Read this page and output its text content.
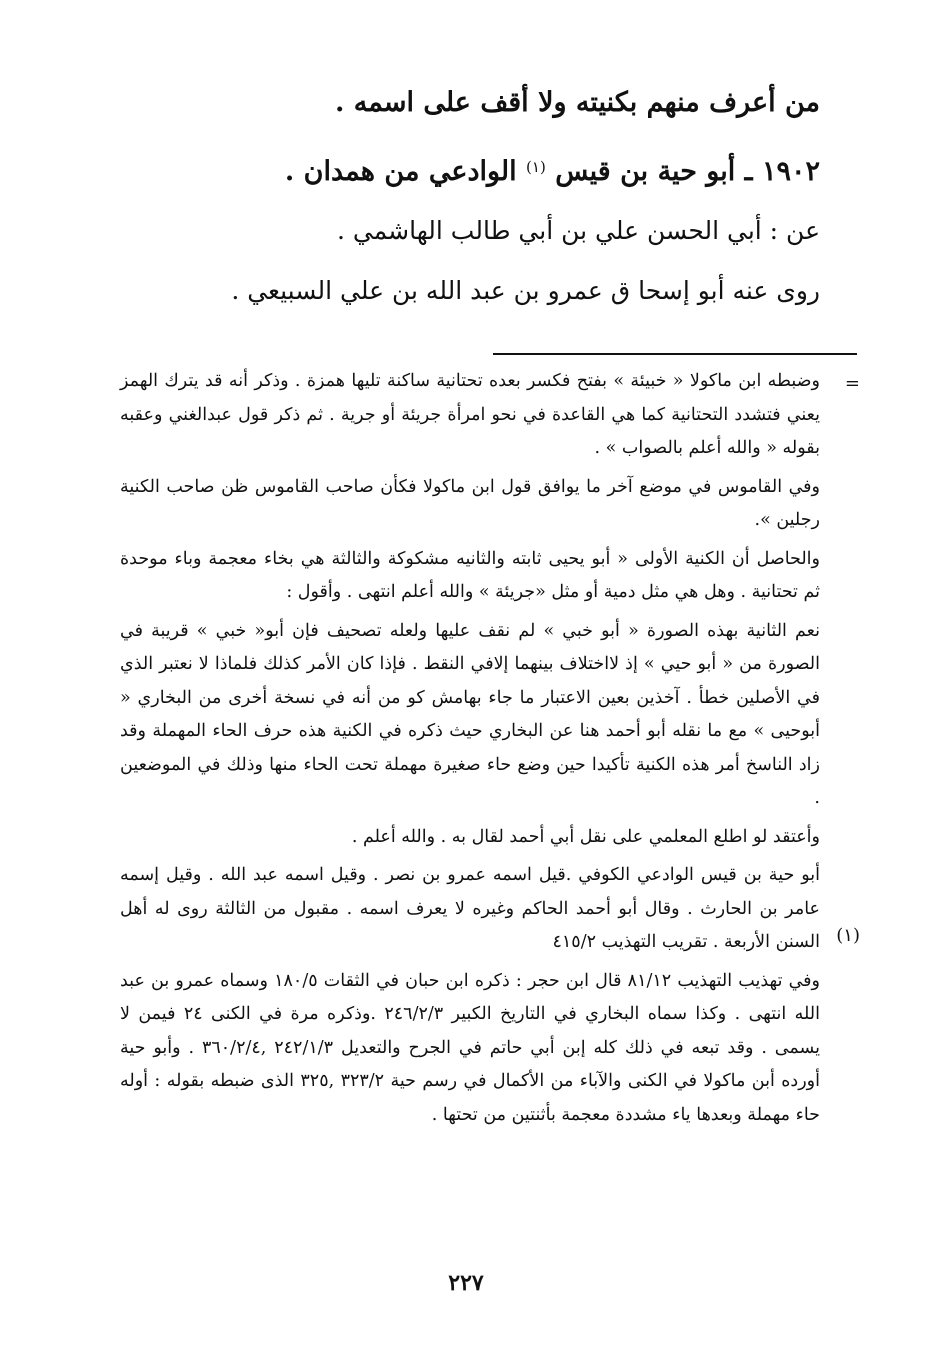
من أعرف منهم بكنيته ولا أقف على اسمه .

١٩٠٢ ـ أبو حية بن قيس $^{(١)}$ الوادعي من همدان .

عن : أبي الحسن علي بن أبي طالب الهاشمي .

روى عنه أبو إسحا ق عمرو بن عبد الله بن علي السبيعي .

=
(١)

وضبطه ابن ماكولا « خبيئة » بفتح فكسر بعده تحتانية ساكنة تليها همزة . وذكر أنه قد يترك الهمز يعني فتشدد التحتانية كما هي القاعدة في نحو امرأة جريئة أو جرية . ثم ذكر قول عبدالغني وعقبه بقوله « والله أعلم بالصواب » .

وفي القاموس في موضع آخر ما يوافق قول ابن ماكولا فكأن صاحب القاموس ظن صاحب الكنية رجلين ».

والحاصل أن الكنية الأولى « أبو يحيى ثابته والثانيه مشكوكة والثالثة هي بخاء معجمة وباء موحدة ثم تحتانية . وهل هي مثل دمية أو مثل «جريئة » والله أعلم انتهى . وأقول :

نعم الثانية بهذه الصورة « أبو خبي » لم نقف عليها ولعله تصحيف فإن أبو« خبي » قريبة في الصورة من « أبو حيي » إذ لااختلاف بينهما إلافي النقط . فإذا كان الأمر كذلك فلماذا لا نعتبر الذي في الأصلين خطأ . آخذين بعين الاعتبار ما جاء بهامش كو من أنه في نسخة أخرى من البخاري « أبوحيى » مع ما نقله أبو أحمد هنا عن البخاري حيث ذكره في الكنية هذه حرف الحاء المهملة وقد زاد الناسخ أمر هذه الكنية تأكيدا حين وضع حاء صغيرة مهملة تحت الحاء منها وذلك في الموضعين .

وأعتقد لو اطلع المعلمي على نقل أبي أحمد لقال به . والله أعلم .

أبو حية بن قيس الوادعي الكوفي .قيل اسمه عمرو بن نصر . وقيل اسمه عبد الله . وقيل إسمه عامر بن الحارث . وقال أبو أحمد الحاكم وغيره لا يعرف اسمه . مقبول من الثالثة روى له أهل السنن الأربعة . تقريب التهذيب ٤١٥/٢

وفي تهذيب التهذيب ٨١/١٢ قال ابن حجر : ذكره ابن حبان في الثقات ١٨٠/٥ وسماه عمرو بن عبد الله انتهى . وكذا سماه البخاري في التاريخ الكبير ٢٤٦/٢/٣ .وذكره مرة في الكنى ٢٤ فيمن لا يسمى . وقد تبعه في ذلك كله إبن أبي حاتم في الجرح والتعديل ٢٤٢/١/٣ ,٣٦٠/٢/٤ . وأبو حية أورده أبن ماكولا في الكنى والآباء من الأكمال في رسم حية ٣٢٣/٢ ,٣٢٥ الذى ضبطه بقوله : أوله حاء مهملة وبعدها ياء مشددة معجمة بأثنتين من تحتها .

٢٢٧
